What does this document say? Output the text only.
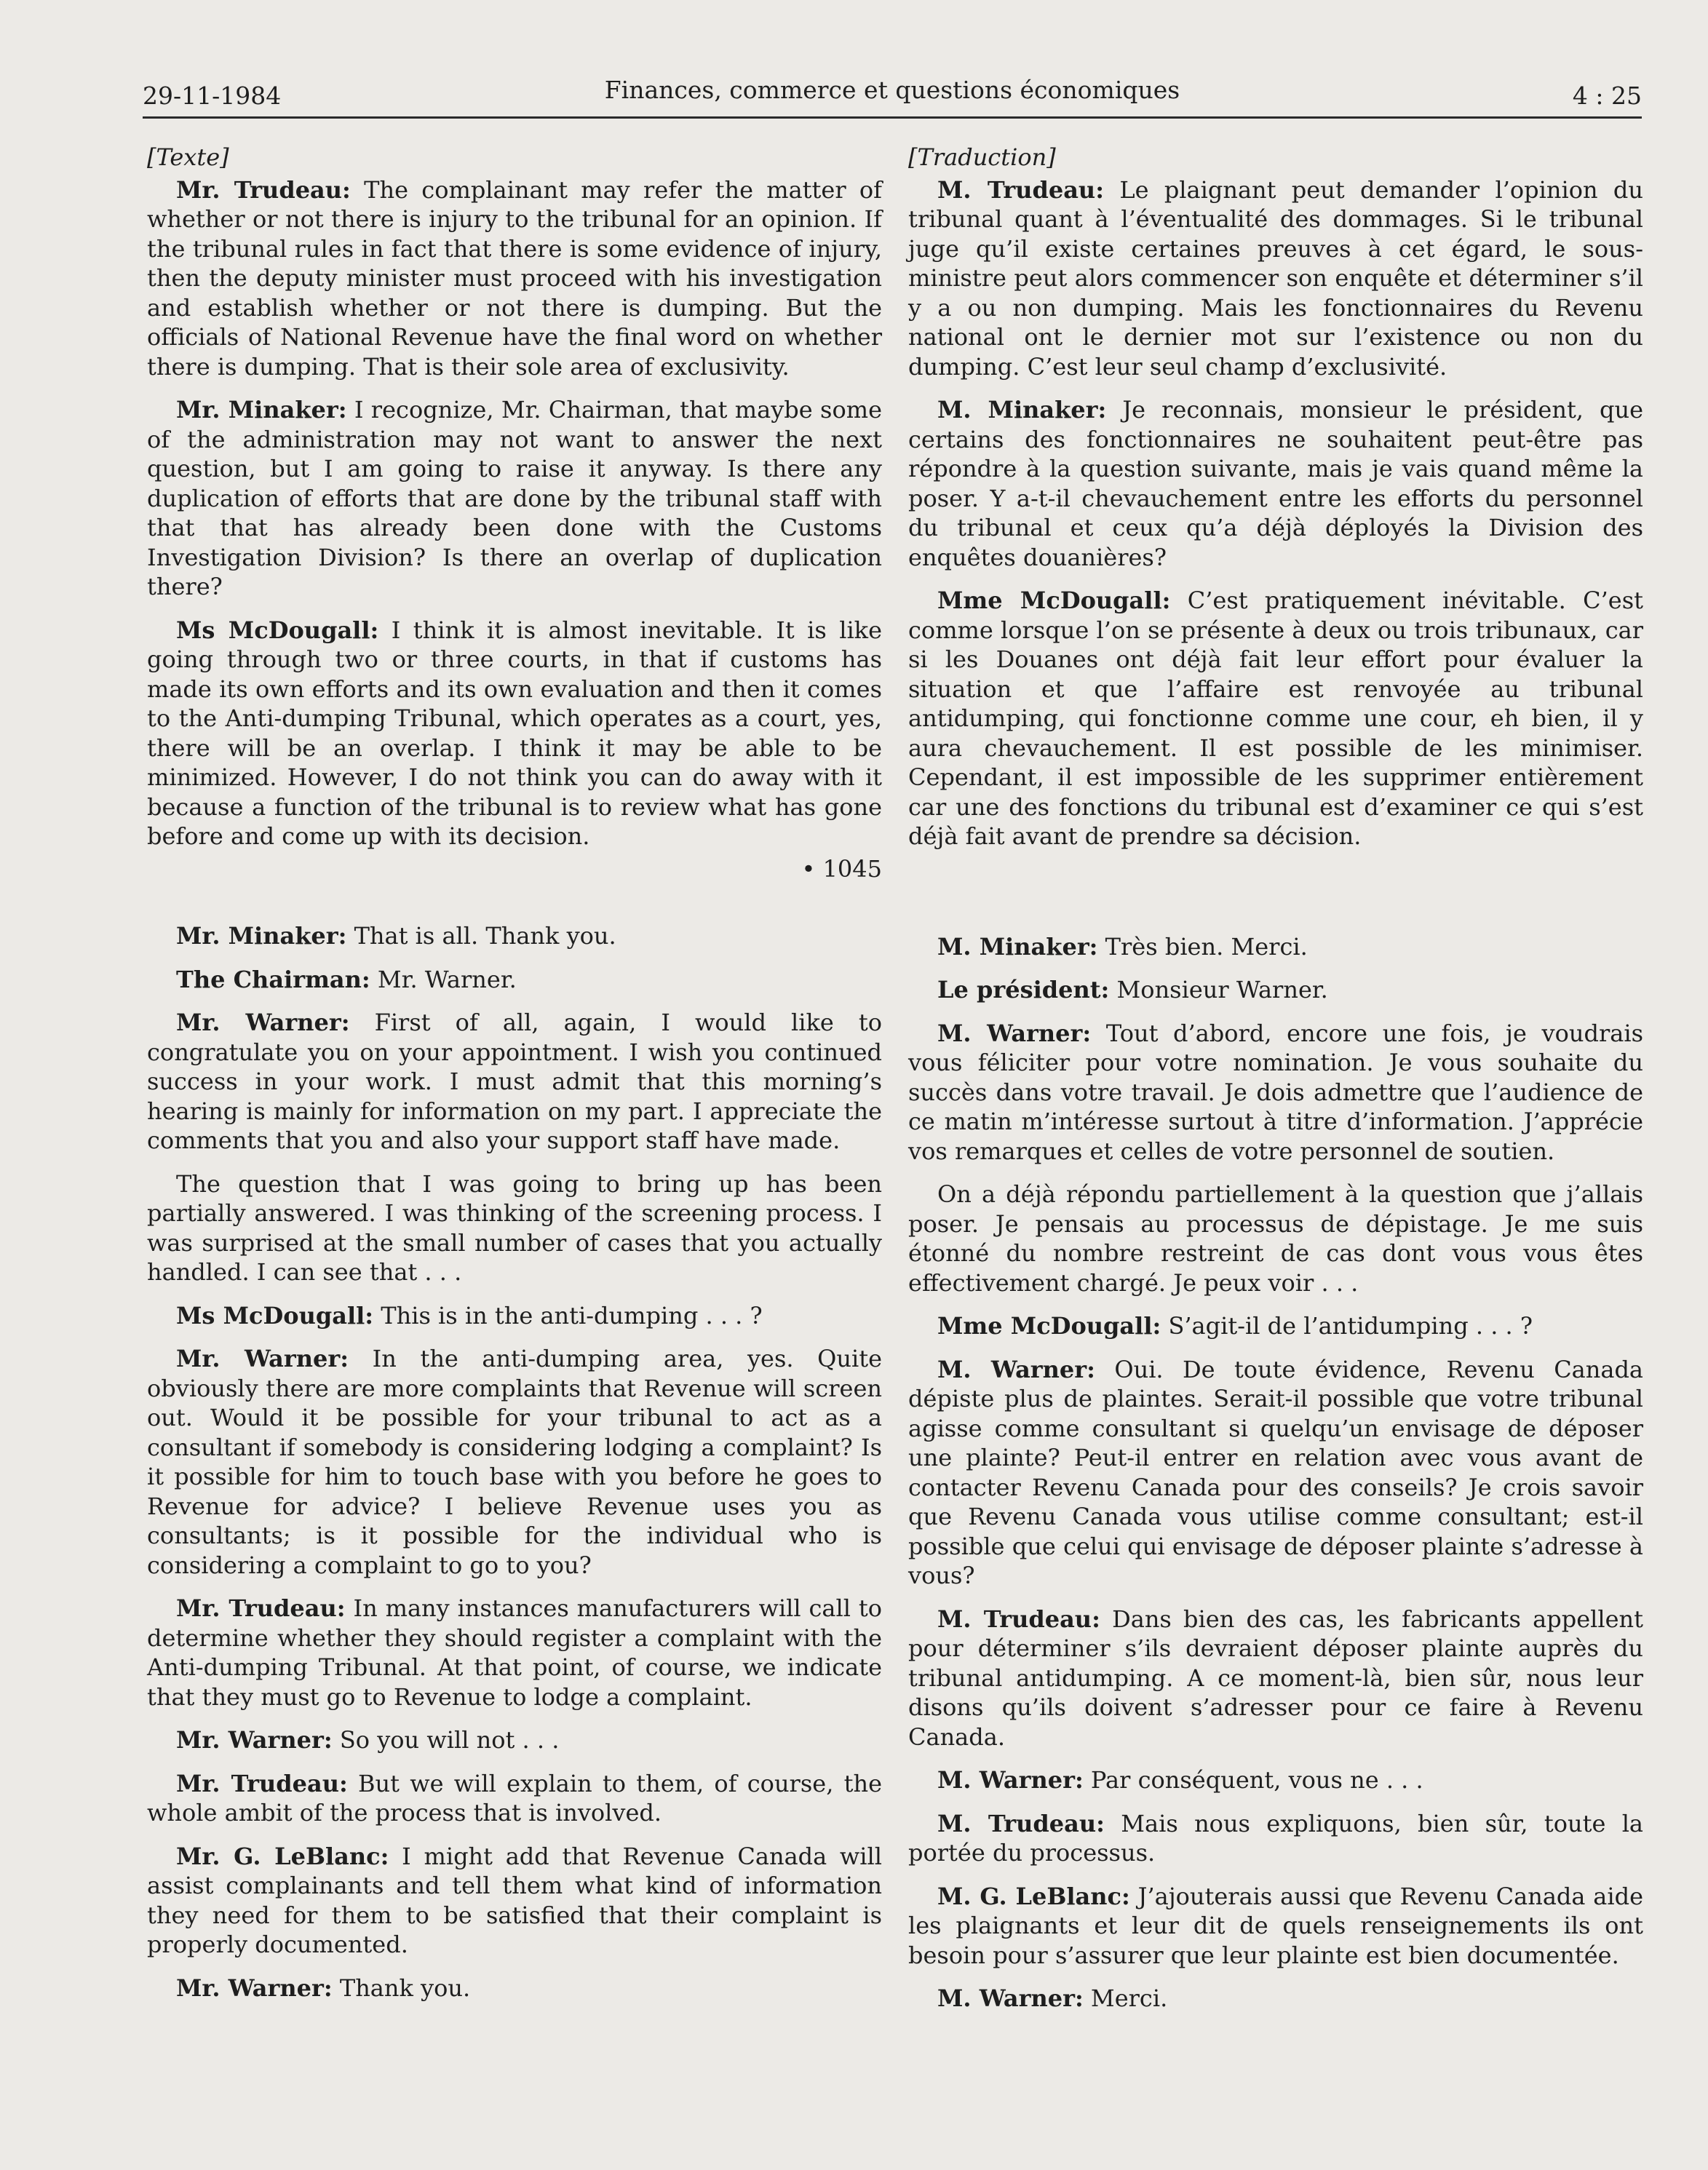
29-11-1984	Finances, commerce et questions économiques	4 : 25
[Texte]

Mr. Trudeau: The complainant may refer the matter of whether or not there is injury to the tribunal for an opinion. If the tribunal rules in fact that there is some evidence of injury, then the deputy minister must proceed with his investigation and establish whether or not there is dumping. But the officials of National Revenue have the final word on whether there is dumping. That is their sole area of exclusivity.

Mr. Minaker: I recognize, Mr. Chairman, that maybe some of the administration may not want to answer the next question, but I am going to raise it anyway. Is there any duplication of efforts that are done by the tribunal staff with that that has already been done with the Customs Investigation Division? Is there an overlap of duplication there?

Ms McDougall: I think it is almost inevitable. It is like going through two or three courts, in that if customs has made its own efforts and its own evaluation and then it comes to the Anti-dumping Tribunal, which operates as a court, yes, there will be an overlap. I think it may be able to be minimized. However, I do not think you can do away with it because a function of the tribunal is to review what has gone before and come up with its decision.

• 1045

Mr. Minaker: That is all. Thank you.

The Chairman: Mr. Warner.

Mr. Warner: First of all, again, I would like to congratulate you on your appointment. I wish you continued success in your work. I must admit that this morning’s hearing is mainly for information on my part. I appreciate the comments that you and also your support staff have made.

The question that I was going to bring up has been partially answered. I was thinking of the screening process. I was surprised at the small number of cases that you actually handled. I can see that . . .

Ms McDougall: This is in the anti-dumping . . . ?

Mr. Warner: In the anti-dumping area, yes. Quite obviously there are more complaints that Revenue will screen out. Would it be possible for your tribunal to act as a consultant if somebody is considering lodging a complaint? Is it possible for him to touch base with you before he goes to Revenue for advice? I believe Revenue uses you as consultants; is it possible for the individual who is considering a complaint to go to you?

Mr. Trudeau: In many instances manufacturers will call to determine whether they should register a complaint with the Anti-dumping Tribunal. At that point, of course, we indicate that they must go to Revenue to lodge a complaint.

Mr. Warner: So you will not . . .

Mr. Trudeau: But we will explain to them, of course, the whole ambit of the process that is involved.

Mr. G. LeBlanc: I might add that Revenue Canada will assist complainants and tell them what kind of information they need for them to be satisfied that their complaint is properly documented.

Mr. Warner: Thank you.

[Traduction]

M. Trudeau: Le plaignant peut demander l’opinion du tribunal quant à l’éventualité des dommages. Si le tribunal juge qu’il existe certaines preuves à cet égard, le sous-ministre peut alors commencer son enquête et déterminer s’il y a ou non dumping. Mais les fonctionnaires du Revenu national ont le dernier mot sur l’existence ou non du dumping. C’est leur seul champ d’exclusivité.

M. Minaker: Je reconnais, monsieur le président, que certains des fonctionnaires ne souhaitent peut-être pas répondre à la question suivante, mais je vais quand même la poser. Y a-t-il chevauchement entre les efforts du personnel du tribunal et ceux qu’a déjà déployés la Division des enquêtes douanières?

Mme McDougall: C’est pratiquement inévitable. C’est comme lorsque l’on se présente à deux ou trois tribunaux, car si les Douanes ont déjà fait leur effort pour évaluer la situation et que l’affaire est renvoyée au tribunal antidumping, qui fonctionne comme une cour, eh bien, il y aura chevauchement. Il est possible de les minimiser. Cependant, il est impossible de les supprimer entièrement car une des fonctions du tribunal est d’examiner ce qui s’est déjà fait avant de prendre sa décision.

M. Minaker: Très bien. Merci.

Le président: Monsieur Warner.

M. Warner: Tout d’abord, encore une fois, je voudrais vous féliciter pour votre nomination. Je vous souhaite du succès dans votre travail. Je dois admettre que l’audience de ce matin m’intéresse surtout à titre d’information. J’apprécie vos remarques et celles de votre personnel de soutien.

On a déjà répondu partiellement à la question que j’allais poser. Je pensais au processus de dépistage. Je me suis étonné du nombre restreint de cas dont vous vous êtes effectivement chargé. Je peux voir . . .

Mme McDougall: S’agit-il de l’antidumping . . . ?

M. Warner: Oui. De toute évidence, Revenu Canada dépiste plus de plaintes. Serait-il possible que votre tribunal agisse comme consultant si quelqu’un envisage de déposer une plainte? Peut-il entrer en relation avec vous avant de contacter Revenu Canada pour des conseils? Je crois savoir que Revenu Canada vous utilise comme consultant; est-il possible que celui qui envisage de déposer plainte s’adresse à vous?

M. Trudeau: Dans bien des cas, les fabricants appellent pour déterminer s’ils devraient déposer plainte auprès du tribunal antidumping. A ce moment-là, bien sûr, nous leur disons qu’ils doivent s’adresser pour ce faire à Revenu Canada.

M. Warner: Par conséquent, vous ne . . .

M. Trudeau: Mais nous expliquons, bien sûr, toute la portée du processus.

M. G. LeBlanc: J’ajouterais aussi que Revenu Canada aide les plaignants et leur dit de quels renseignements ils ont besoin pour s’assurer que leur plainte est bien documentée.

M. Warner: Merci.
